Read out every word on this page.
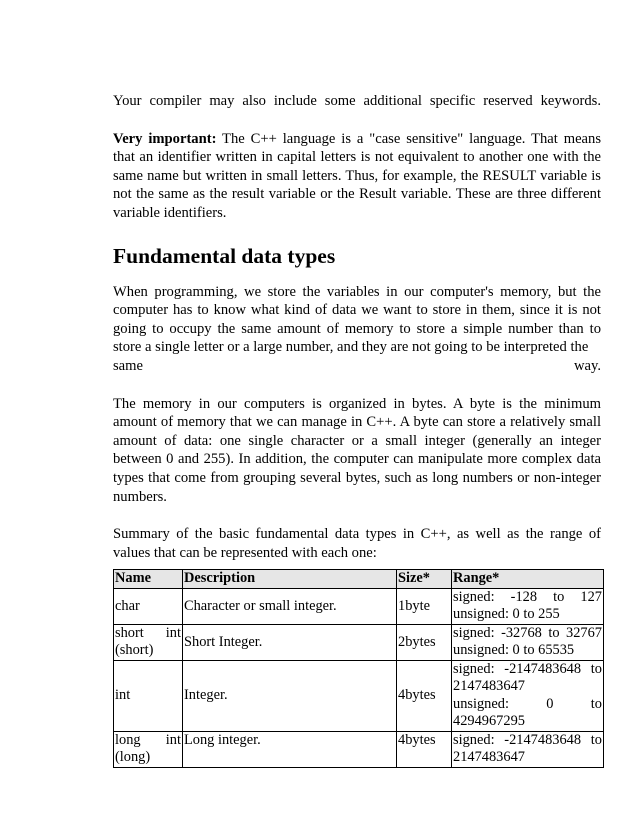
Your compiler may also include some additional specific reserved keywords.

Very important: The C++ language is a "case sensitive" language. That means that an identifier written in capital letters is not equivalent to another one with the same name but written in small letters. Thus, for example, the RESULT variable is not the same as the result variable or the Result variable. These are three different variable identifiers.

Fundamental data types

When programming, we store the variables in our computer's memory, but the computer has to know what kind of data we want to store in them, since it is not going to occupy the same amount of memory to store a simple number than to store a single letter or a large number, and they are not going to be interpreted the

same	way.

The memory in our computers is organized in bytes. A byte is the minimum amount of memory that we can manage in C++. A byte can store a relatively small amount of data: one single character or a small integer (generally an integer between 0 and 255). In addition, the computer can manipulate more complex data types that come from grouping several bytes, such as long numbers or non-integer numbers.

Summary of the basic fundamental data types in C++, as well as the range of values that can be represented with each one:

Name	Description	Size*	Range*
char	Character or small integer.	1byte	signed: -128 to 127
unsigned: 0 to 255

short int
(short)	Short Integer.	2bytes	signed: -32768 to 32767
unsigned: 0 to 65535

int	Integer.	4bytes	signed: -2147483648 to
2147483647
unsigned: 0 to
4294967295

long int
(long)	Long integer.	4bytes	signed: -2147483648 to
2147483647
